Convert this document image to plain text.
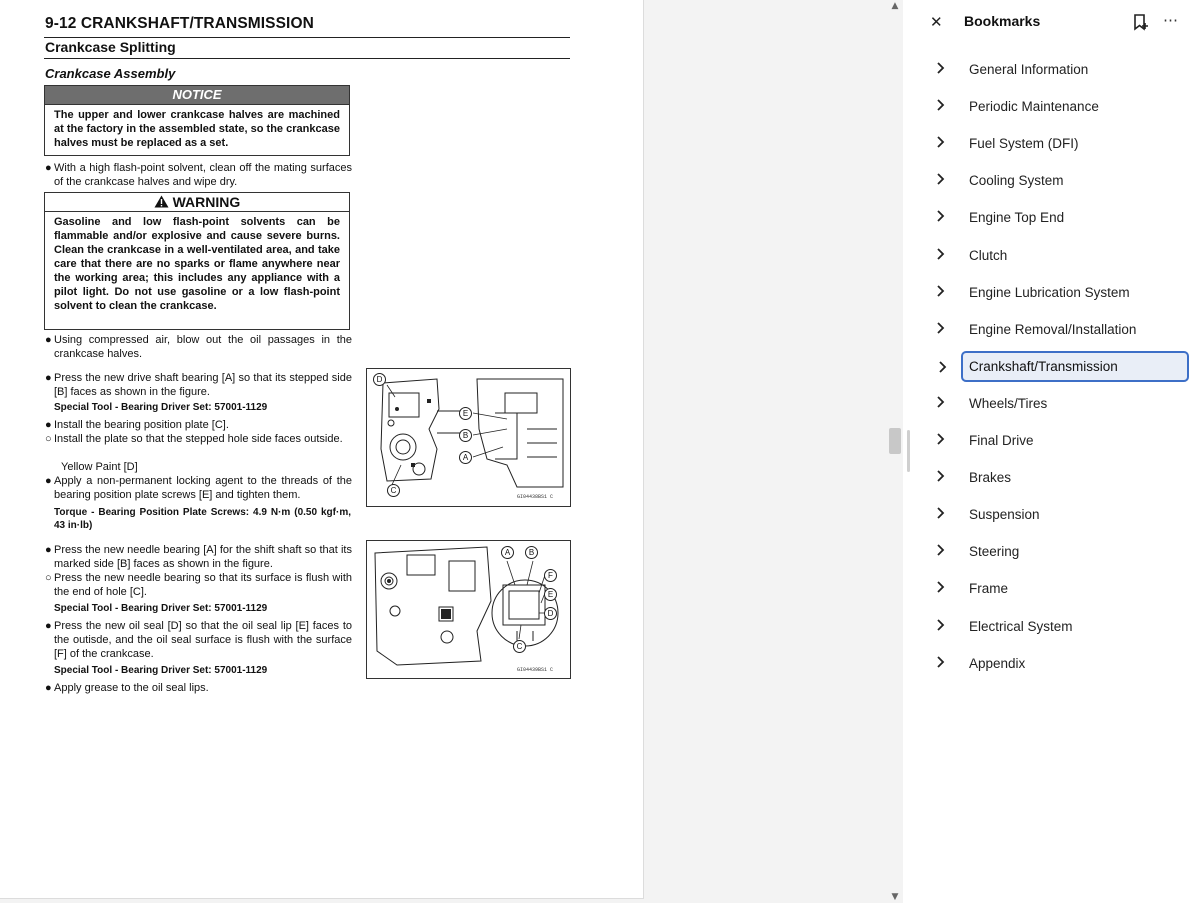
9-12 CRANKSHAFT/TRANSMISSION
Crankcase Splitting
Crankcase Assembly
NOTICE
The upper and lower crankcase halves are machined at the factory in the assembled state, so the crankcase halves must be replaced as a set.
● With a high flash-point solvent, clean off the mating surfaces of the crankcase halves and wipe dry.
WARNING
Gasoline and low flash-point solvents can be flammable and/or explosive and cause severe burns. Clean the crankcase in a well-ventilated area, and take care that there are no sparks or flame anywhere near the working area; this includes any appliance with a pilot light. Do not use gasoline or a low flash-point solvent to clean the crankcase.
● Using compressed air, blow out the oil passages in the crankcase halves.
● Press the new drive shaft bearing [A] so that its stepped side [B] faces as shown in the figure.
Special Tool - Bearing Driver Set: 57001-1129
● Install the bearing position plate [C].
○ Install the plate so that the stepped hole side faces outside.
Yellow Paint [D]
● Apply a non-permanent locking agent to the threads of the bearing position plate screws [E] and tighten them.
Torque - Bearing Position Plate Screws: 4.9 N·m (0.50 kgf·m, 43 in·lb)
● Press the new needle bearing [A] for the shift shaft so that its marked side [B] faces as shown in the figure.
○ Press the new needle bearing so that its surface is flush with the end of hole [C].
Special Tool - Bearing Driver Set: 57001-1129
● Press the new oil seal [D] so that the oil seal lip [E] faces to the outisde, and the oil seal surface is flush with the surface [F] of the crankcase.
Special Tool - Bearing Driver Set: 57001-1129
● Apply grease to the oil seal lips.
D
E
B
A
C
GI04438BS1 C
A	B
F
E
D
C
GI04439BS1 C
▲
▼
✕ Bookmarks	⋯
General Information
Periodic Maintenance
Fuel System (DFI)
Cooling System
Engine Top End
Clutch
Engine Lubrication System
Engine Removal/Installation
Crankshaft/Transmission
Wheels/Tires
Final Drive
Brakes
Suspension
Steering
Frame
Electrical System
Appendix
